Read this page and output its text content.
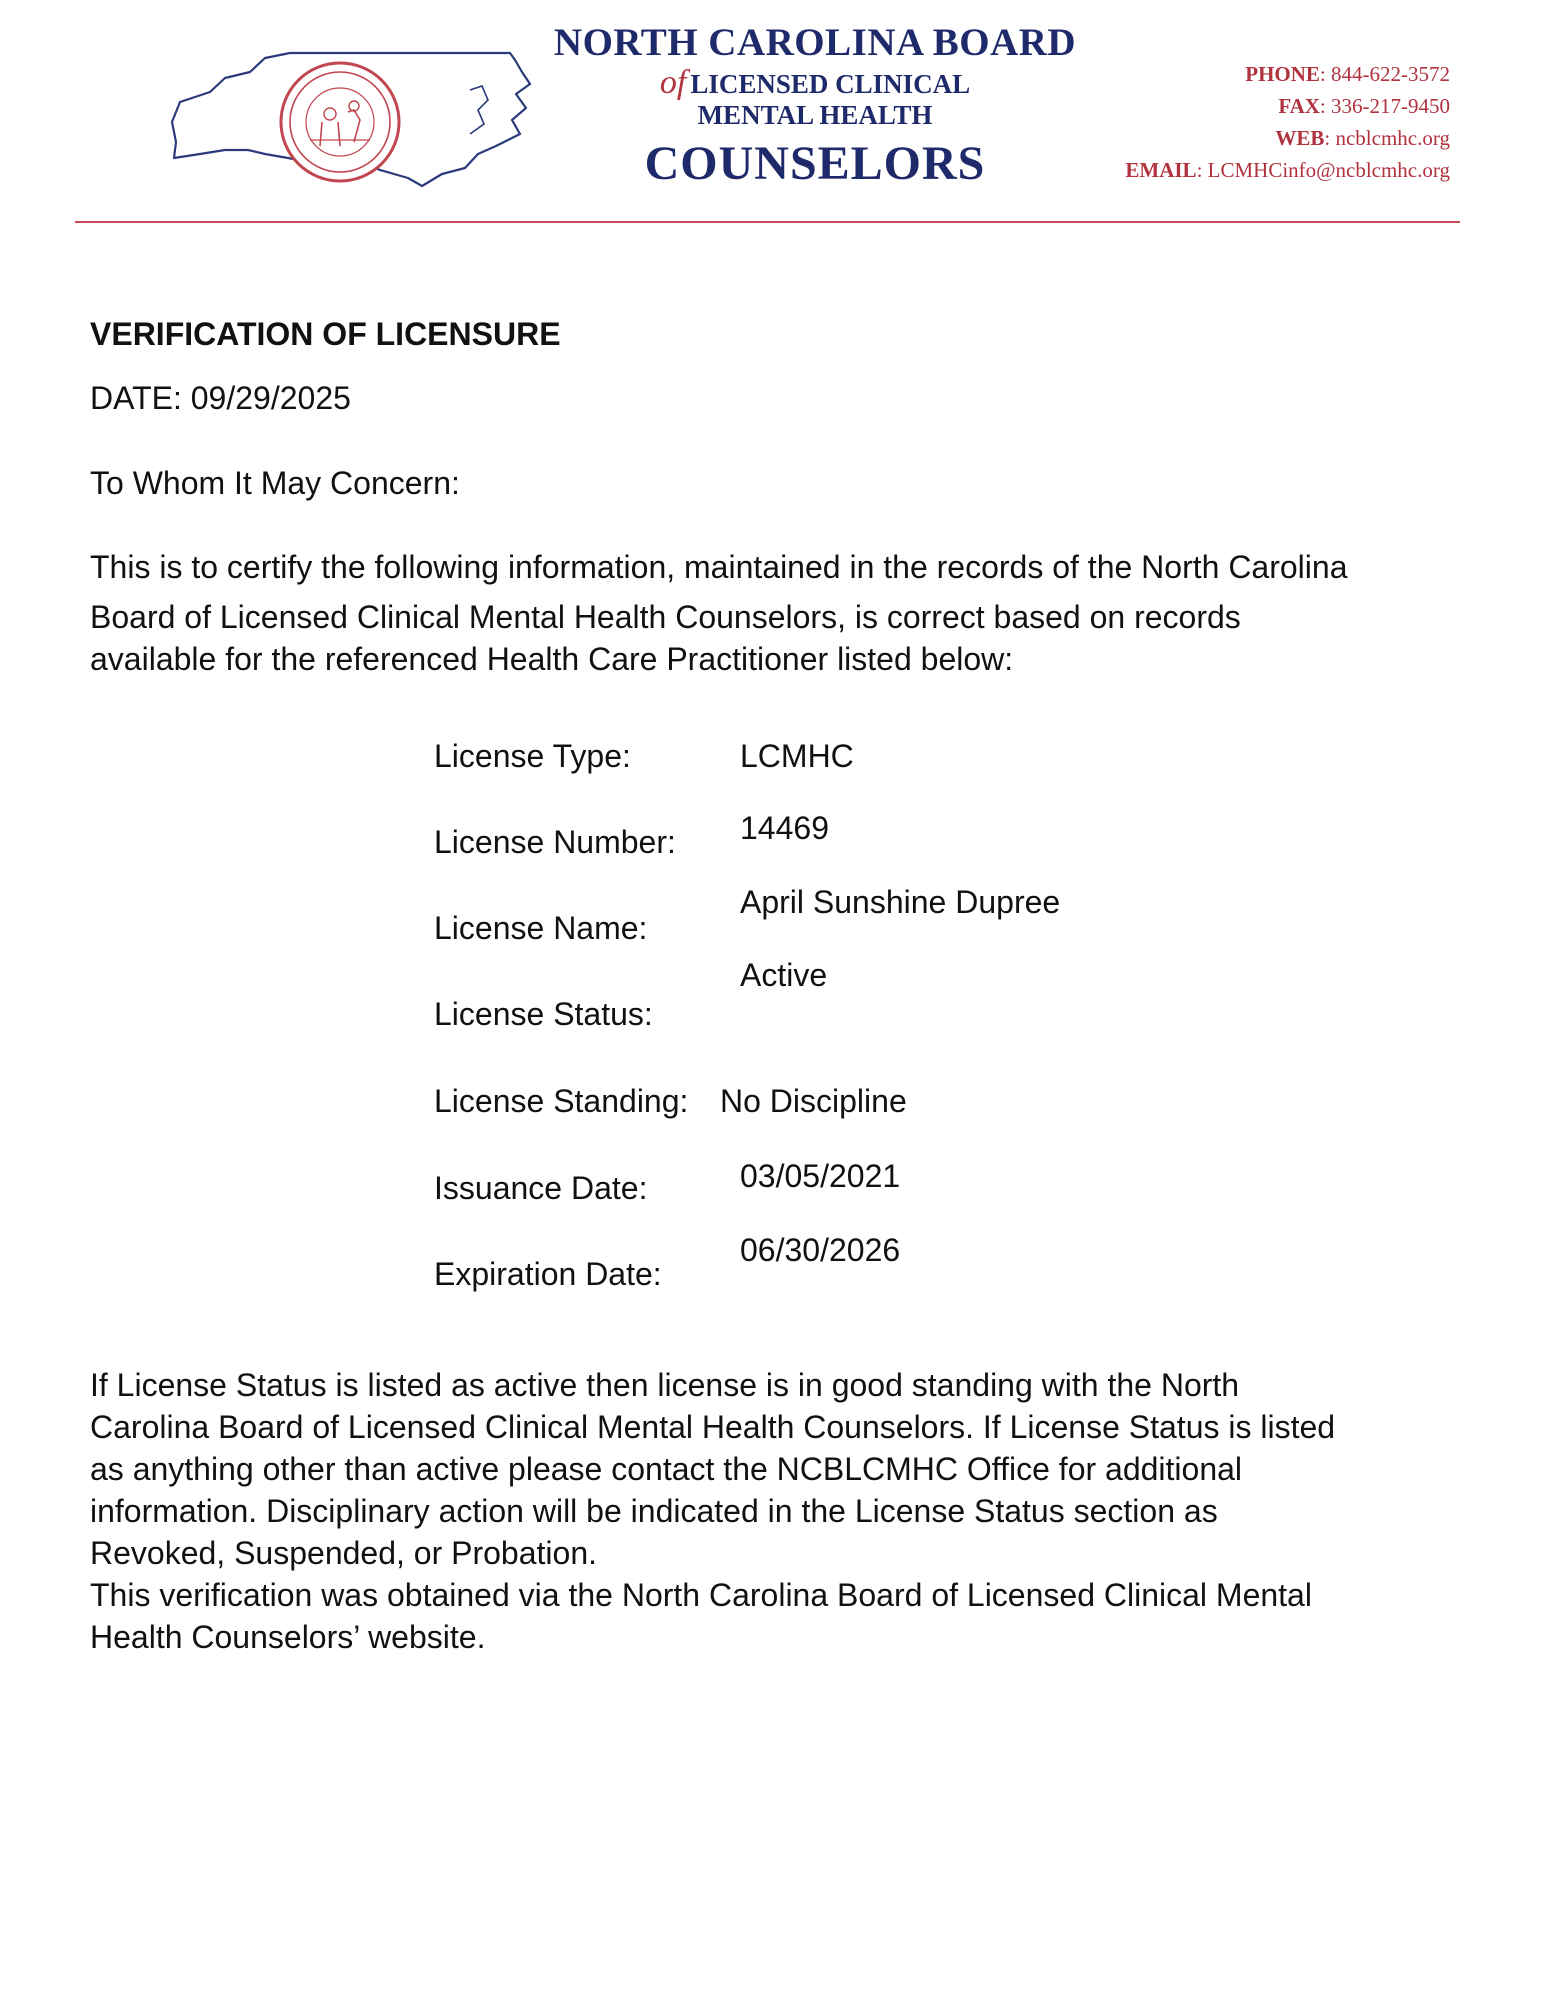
NORTH CAROLINA BOARD
of LICENSED CLINICAL
MENTAL HEALTH
COUNSELORS
PHONE: 844-622-3572
FAX: 336-217-9450
WEB: ncblcmhc.org
EMAIL: LCMHCinfo@ncblcmhc.org
VERIFICATION OF LICENSURE
DATE: 09/29/2025
To Whom It May Concern:
This is to certify the following information, maintained in the records of the North Carolina
Board of Licensed Clinical Mental Health Counselors, is correct based on records
available for the referenced Health Care Practitioner listed below:
License Type:	LCMHC
License Number: 14469
License Name:
April Sunshine Dupree
License Status:
Active
License Standing: No Discipline
Issuance Date:	03/05/2021
Expiration Date:
06/30/2026

If License Status is listed as active then license is in good standing with the North

Carolina Board of Licensed Clinical Mental Health Counselors. If License Status is listed

as anything other than active please contact the NCBLCMHC Office for additional

information. Disciplinary action will be indicated in the License Status section as

Revoked, Suspended, or Probation.

This verification was obtained via the North Carolina Board of Licensed Clinical Mental

Health Counselors’ website.
